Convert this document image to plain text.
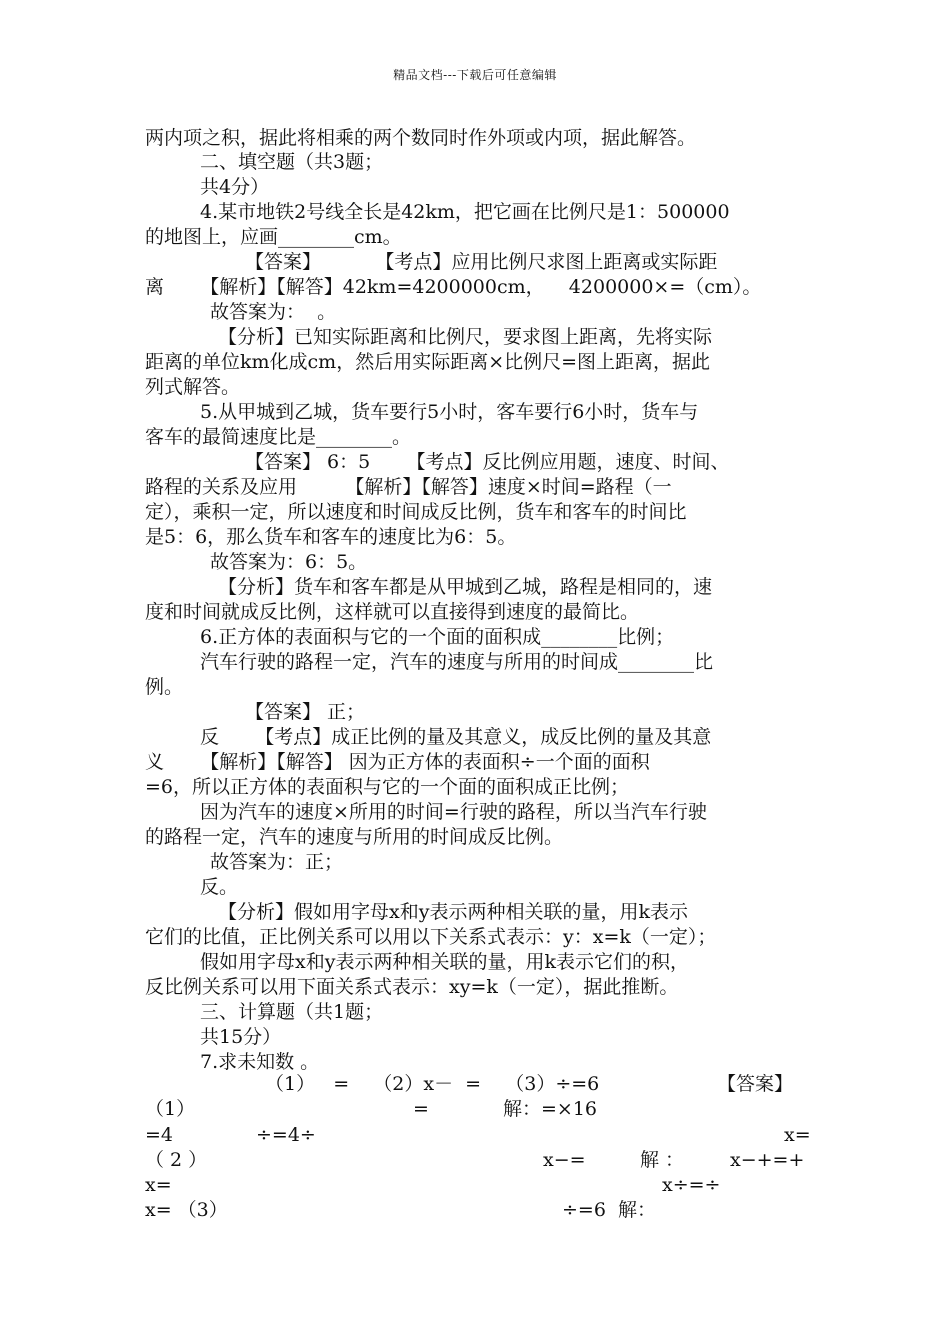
精品文档---下载后可任意编辑
两内项之积，据此将相乘的两个数同时作外项或内项，据此解答。
二、填空题（共3题；
共4分）
4.某市地铁2号线全长是42km，把它画在比例尺是1：500000
的地图上，应画________cm。
【答案】         【考点】应用比例尺求图上距离或实际距
离      【解析】【解答】42km=4200000cm，    4200000×=（cm）。
故答案为：  。
【分析】已知实际距离和比例尺，要求图上距离，先将实际
距离的单位km化成cm，然后用实际距离×比例尺=图上距离，据此
列式解答。
5.从甲城到乙城，货车要行5小时，客车要行6小时，货车与
客车的最简速度比是________。
【答案】 6：5      【考点】反比例应用题，速度、时间、
路程的关系及应用        【解析】【解答】速度×时间=路程（一
定），乘积一定，所以速度和时间成反比例，货车和客车的时间比
是5：6，那么货车和客车的速度比为6：5。
故答案为：6：5。
【分析】货车和客车都是从甲城到乙城，路程是相同的，速
度和时间就成反比例，这样就可以直接得到速度的最简比。
6.正方体的表面积与它的一个面的面积成________比例；
汽车行驶的路程一定，汽车的速度与所用的时间成________比
例。
【答案】 正；
反      【考点】成正比例的量及其意义，成反比例的量及其意
义      【解析】【解答】 因为正方体的表面积÷一个面的面积
=6，所以正方体的表面积与它的一个面的面积成正比例；
因为汽车的速度×所用的时间=行驶的路程，所以当汽车行驶
的路程一定，汽车的速度与所用的时间成反比例。
故答案为：正；
反。
【分析】假如用字母x和y表示两种相关联的量，用k表示
它们的比值，正比例关系可以用以下关系式表示：y：x=k（一定）；
假如用字母x和y表示两种相关联的量，用k表示它们的积，
反比例关系可以用下面关系式表示：xy=k（一定），据此推断。
三、计算题（共1题；
共15分）
7.求未知数 。
（1）   =    （2）x－  =    （3）÷=6	【答案】
（1）	=	解：=×16
=4	÷=4÷	x=
（ 2 ）	x−=	解 ： x−+=+
x=	x÷=÷
x= （3）	÷=6  解：
